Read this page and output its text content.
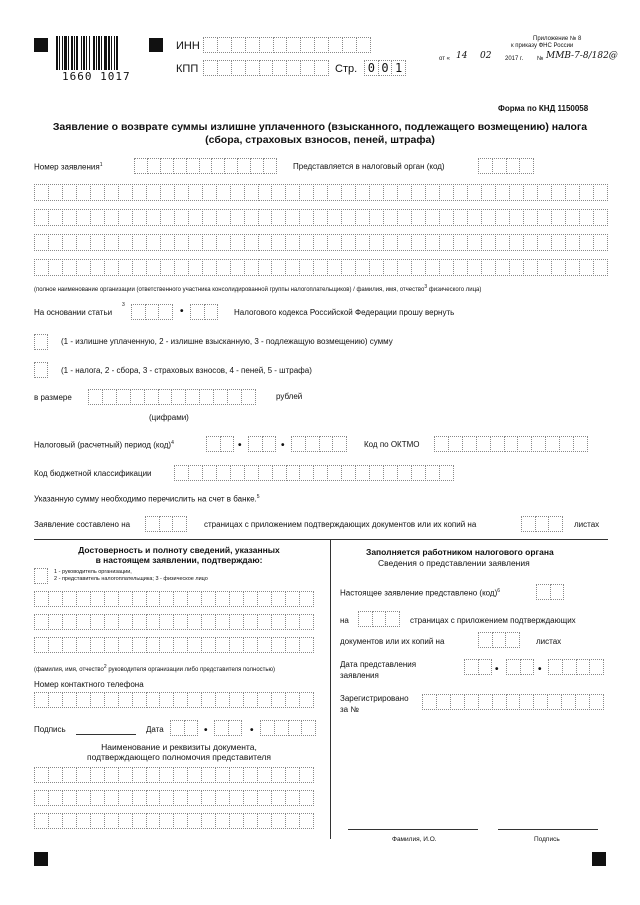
1660 1017
ИНН
КПП	Стр. 0 0 1
Приложение № 8
к приказу ФНС России
от « 14 02 2017 г. № ММВ-7-8/182@
Форма по КНД 1150058
Заявление о возврате суммы излишне уплаченного (взысканного, подлежащего возмещению) налога
(сбора, страховых взносов, пеней, штрафа)
Номер заявления$^1$	Представляется в налоговый орган (код)
(полное наименование организации (ответственного участника консолидированной группы налогоплательщиков) / фамилия, имя, отчество$^3$ физического лица)
На основании статьи
3
•	Налогового кодекса Российской Федерации прошу вернуть
(1 - излишне уплаченную, 2 - излишне взысканную, 3 - подлежащую возмещению) сумму
(1 - налога, 2 - сбора, 3 - страховых взносов, 4 - пеней, 5 - штрафа)
в размере	рублей
(цифрами)
Налоговый (расчетный) период (код)$^4$	•	•	Код по ОКТМО
Код бюджетной классификации
Указанную сумму необходимо перечислить на счет в банке.$^5$
Заявление составлено на	страницах с приложением подтверждающих документов или их копий на	листах
Достоверность и полноту сведений, указанных
в настоящем заявлении, подтверждаю:
1 - руководитель организации,
2 - представитель налогоплательщика; 3 - физическое лицо
(фамилия, имя, отчество$^2$ руководителя организации либо представителя полностью)
Номер контактного телефона
Подпись	Дата	•	•
Наименование и реквизиты документа,
подтверждающего полномочия представителя
Заполняется работником налогового органа
Сведения о представлении заявления
Настоящее заявление представлено (код)$^6$
на	страницах с приложением подтверждающих
документов или их копий на	листах
Дата представления
заявления
•	•
Зарегистрировано
за №
Фамилия, И.О.	Подпись
